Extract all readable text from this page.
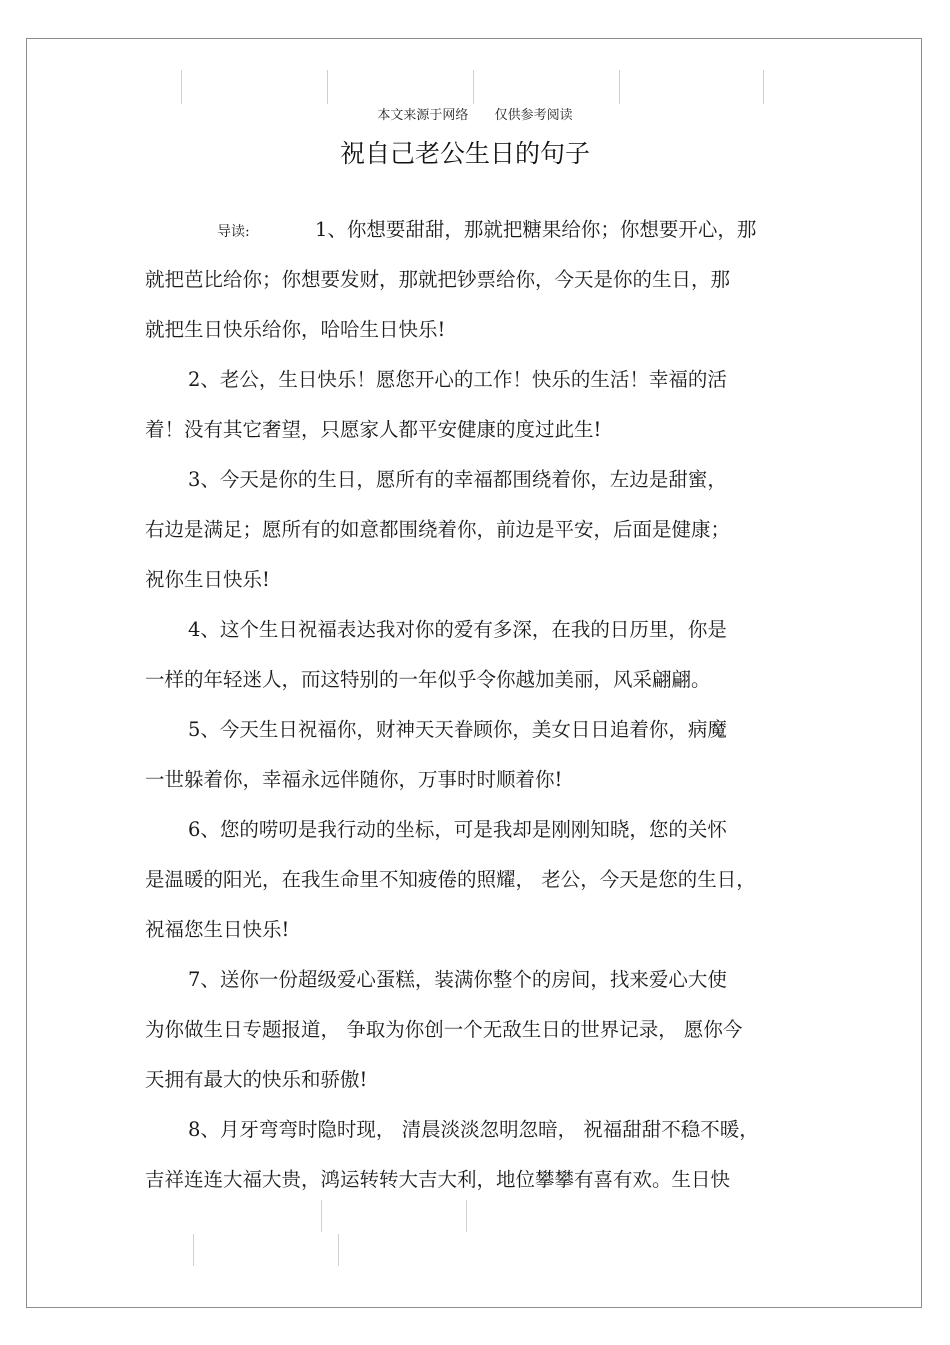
本文来源于网络 仅供参考阅读
祝自己老公生日的句子
导读:	1、你想要甜甜，那就把糖果给你；你想要开心，那
就把芭比给你；你想要发财，那就把钞票给你，今天是你的生日，那
就把生日快乐给你，哈哈生日快乐!
2、老公，生日快乐！愿您开心的工作！快乐的生活！幸福的活
着！没有其它奢望，只愿家人都平安健康的度过此生!
3、今天是你的生日，愿所有的幸福都围绕着你，左边是甜蜜，
右边是满足；愿所有的如意都围绕着你，前边是平安，后面是健康；
祝你生日快乐!
4、这个生日祝福表达我对你的爱有多深，在我的日历里，你是
一样的年轻迷人，而这特别的一年似乎令你越加美丽，风采翩翩。
5、今天生日祝福你，财神天天眷顾你，美女日日追着你，病魔
一世躲着你，幸福永远伴随你，万事时时顺着你!
6、您的唠叨是我行动的坐标，可是我却是刚刚知晓，您的关怀
是温暖的阳光，在我生命里不知疲倦的照耀， 老公，今天是您的生日，
祝福您生日快乐!
7、送你一份超级爱心蛋糕，装满你整个的房间，找来爱心大使
为你做生日专题报道， 争取为你创一个无敌生日的世界记录， 愿你今
天拥有最大的快乐和骄傲!
8、月牙弯弯时隐时现， 清晨淡淡忽明忽暗， 祝福甜甜不稳不暖，
吉祥连连大福大贵，鸿运转转大吉大利，地位攀攀有喜有欢。生日快
